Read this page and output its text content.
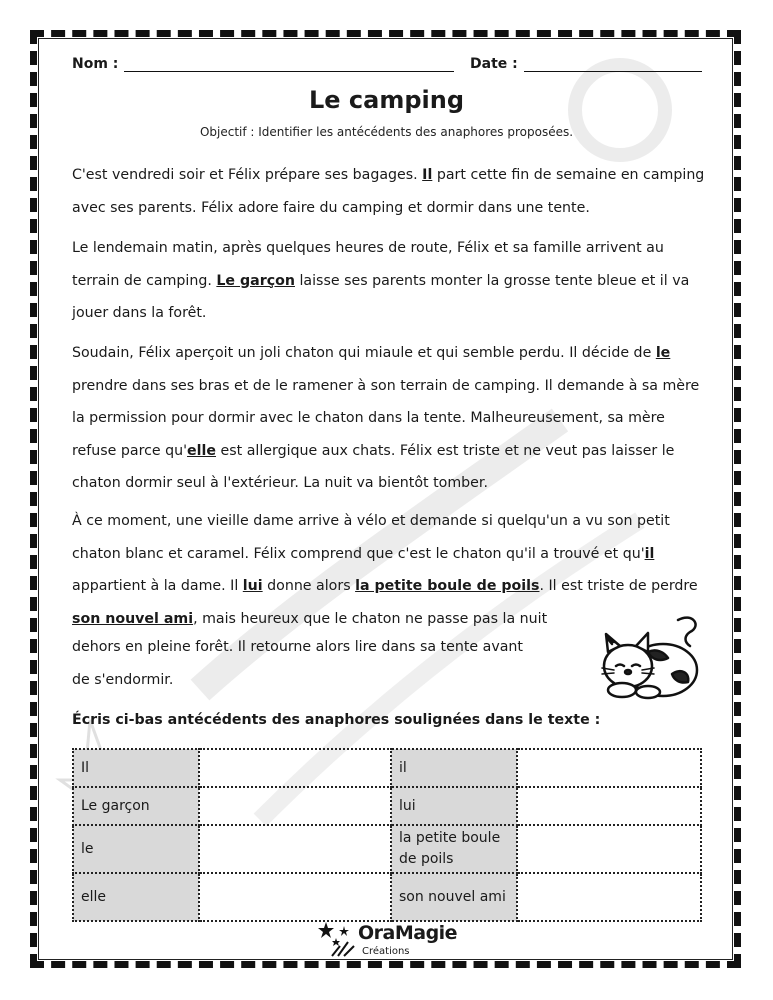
Nom :	Date :
Le camping
Objectif : Identifier les antécédents des anaphores proposées.
C'est vendredi soir et Félix prépare ses bagages. Il part cette fin de semaine en camping avec ses parents. Félix adore faire du camping et dormir dans une tente.
Le lendemain matin, après quelques heures de route, Félix et sa famille arrivent au terrain de camping. Le garçon laisse ses parents monter la grosse tente bleue et il va jouer dans la forêt.
Soudain, Félix aperçoit un joli chaton qui miaule et qui semble perdu. Il décide de le prendre dans ses bras et de le ramener à son terrain de camping. Il demande à sa mère la permission pour dormir avec le chaton dans la tente. Malheureusement, sa mère refuse parce qu'elle est allergique aux chats. Félix est triste et ne veut pas laisser le chaton dormir seul à l'extérieur. La nuit va bientôt tomber.
À ce moment, une vieille dame arrive à vélo et demande si quelqu'un a vu son petit chaton blanc et caramel. Félix comprend que c'est le chaton qu'il a trouvé et qu'il appartient à la dame. Il lui donne alors la petite boule de poils. Il est triste de perdre son nouvel ami, mais heureux que le chaton ne passe pas la nuit
dehors en pleine forêt. Il retourne alors lire dans sa tente avant
de s'endormir.
Écris ci-bas antécédents des anaphores soulignées dans le texte :
Il		il	
Le garçon		lui	
le		la petite boule de poils	
elle		son nouvel ami	
OraMagie
Créations
